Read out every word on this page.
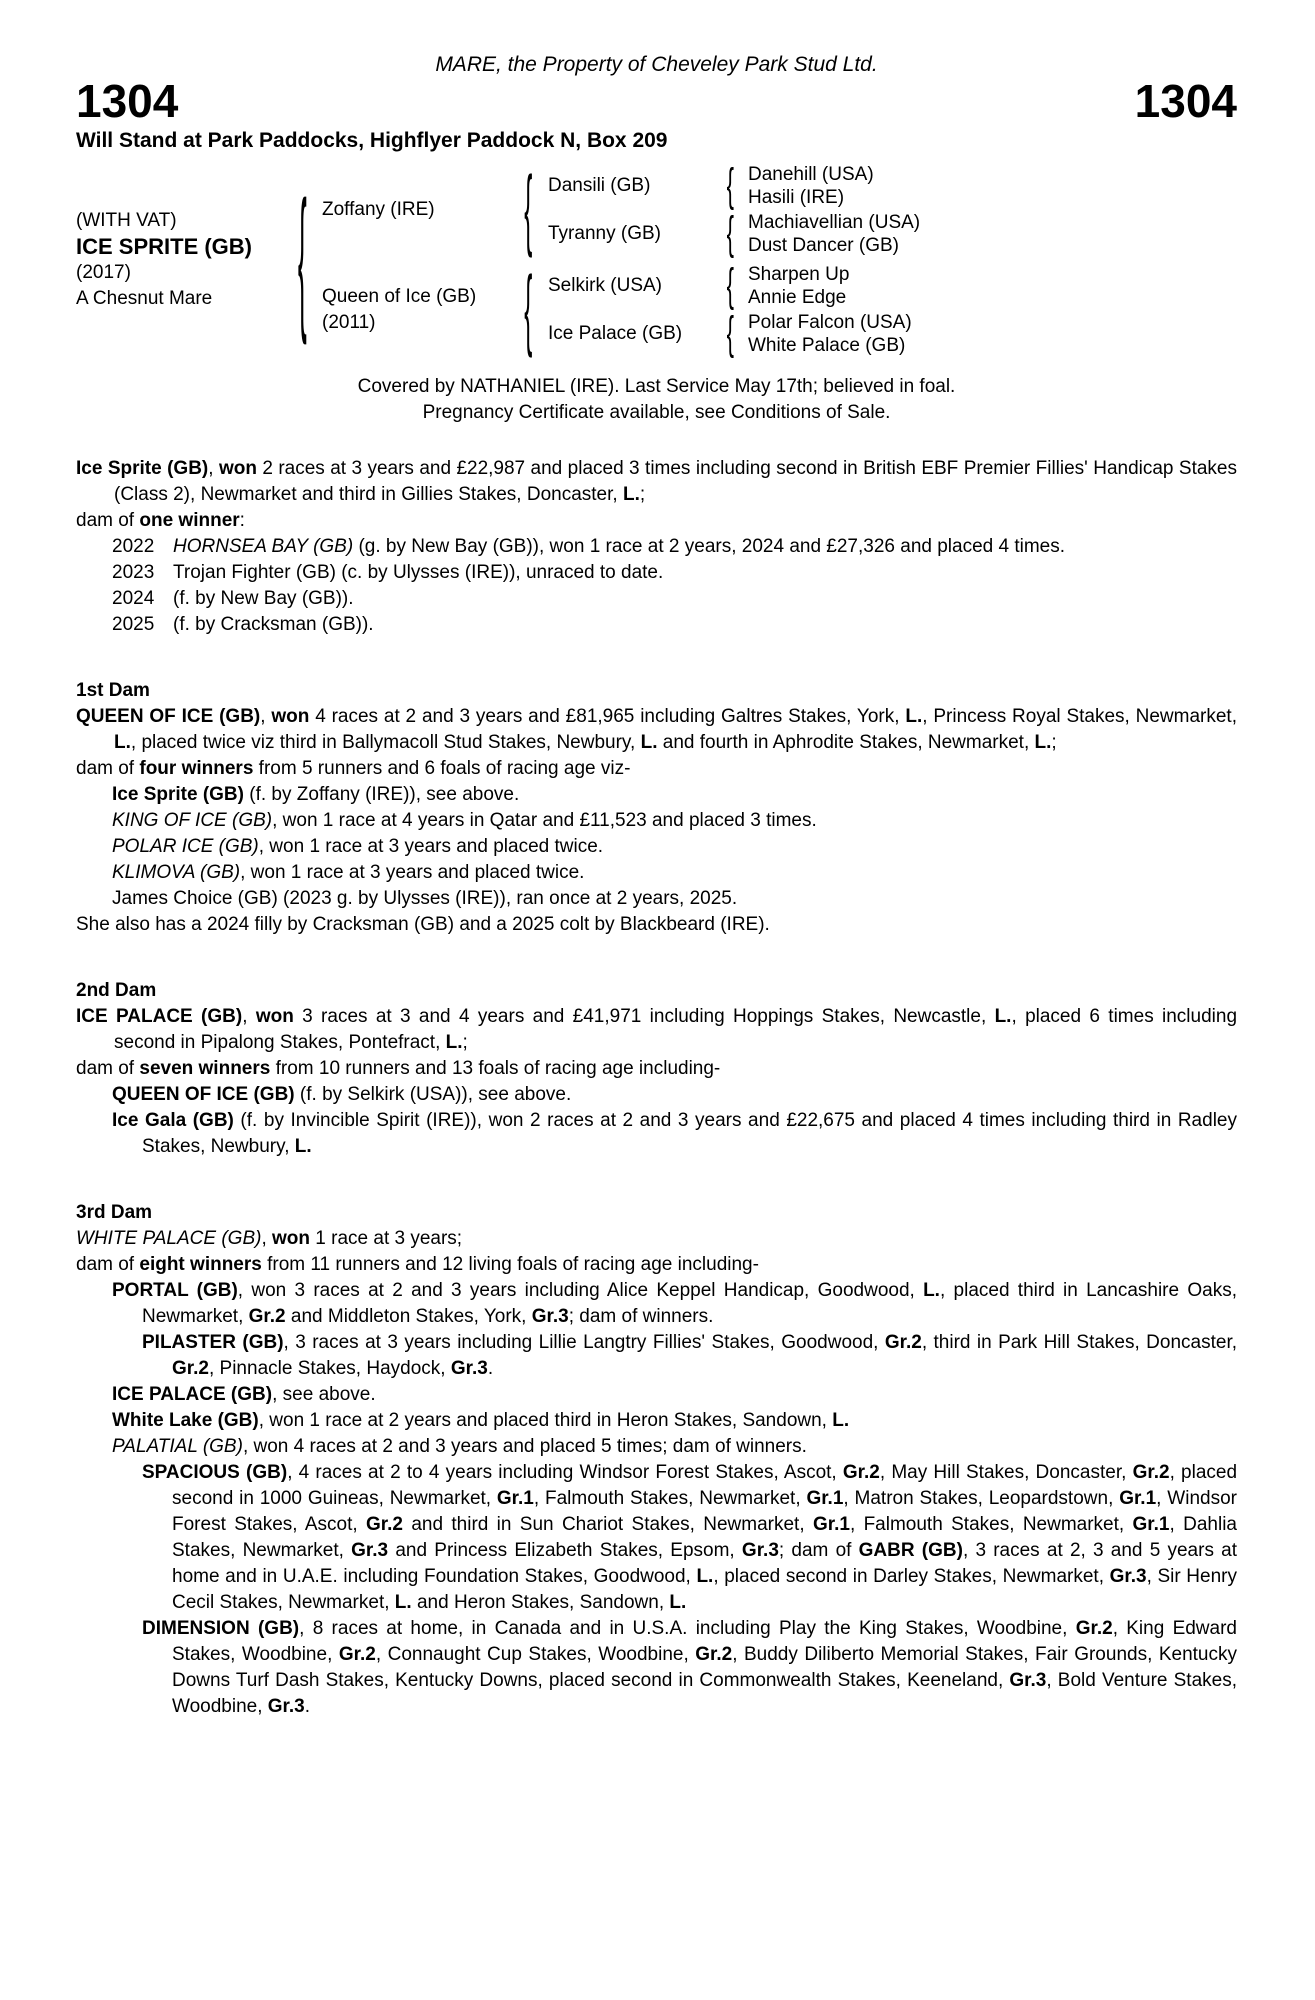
MARE, the Property of Cheveley Park Stud Ltd.
1304	1304
Will Stand at Park Paddocks, Highflyer Paddock N, Box 209
(WITH VAT)
ICE SPRITE (GB)
(2017)
A Chesnut Mare	{ Zoffany (IRE)	{ Dansili (GB)	{ Danehill (USA)
Hasili (IRE)
Tyranny (GB)	{ Machiavellian (USA)
Dust Dancer (GB)
Queen of Ice (GB)
(2011)	{ Selkirk (USA)	{ Sharpen Up
Annie Edge
Ice Palace (GB)	{ Polar Falcon (USA)
White Palace (GB)
Covered by NATHANIEL (IRE). Last Service May 17th; believed in foal.
Pregnancy Certificate available, see Conditions of Sale.
Ice Sprite (GB), won 2 races at 3 years and £22,987 and placed 3 times including second in British EBF Premier Fillies' Handicap Stakes (Class 2), Newmarket and third in Gillies Stakes, Doncaster, L.;
dam of one winner:
2022 HORNSEA BAY (GB) (g. by New Bay (GB)), won 1 race at 2 years, 2024 and £27,326 and placed 4 times.
2023 Trojan Fighter (GB) (c. by Ulysses (IRE)), unraced to date.
2024 (f. by New Bay (GB)).
2025 (f. by Cracksman (GB)).
1st Dam
QUEEN OF ICE (GB), won 4 races at 2 and 3 years and £81,965 including Galtres Stakes, York, L., Princess Royal Stakes, Newmarket, L., placed twice viz third in Ballymacoll Stud Stakes, Newbury, L. and fourth in Aphrodite Stakes, Newmarket, L.;
dam of four winners from 5 runners and 6 foals of racing age viz-
Ice Sprite (GB) (f. by Zoffany (IRE)), see above.
KING OF ICE (GB), won 1 race at 4 years in Qatar and £11,523 and placed 3 times.
POLAR ICE (GB), won 1 race at 3 years and placed twice.
KLIMOVA (GB), won 1 race at 3 years and placed twice.
James Choice (GB) (2023 g. by Ulysses (IRE)), ran once at 2 years, 2025.
She also has a 2024 filly by Cracksman (GB) and a 2025 colt by Blackbeard (IRE).
2nd Dam
ICE PALACE (GB), won 3 races at 3 and 4 years and £41,971 including Hoppings Stakes, Newcastle, L., placed 6 times including second in Pipalong Stakes, Pontefract, L.;
dam of seven winners from 10 runners and 13 foals of racing age including-
QUEEN OF ICE (GB) (f. by Selkirk (USA)), see above.
Ice Gala (GB) (f. by Invincible Spirit (IRE)), won 2 races at 2 and 3 years and £22,675 and placed 4 times including third in Radley Stakes, Newbury, L.
3rd Dam
WHITE PALACE (GB), won 1 race at 3 years;
dam of eight winners from 11 runners and 12 living foals of racing age including-
PORTAL (GB), won 3 races at 2 and 3 years including Alice Keppel Handicap, Goodwood, L., placed third in Lancashire Oaks, Newmarket, Gr.2 and Middleton Stakes, York, Gr.3; dam of winners.
PILASTER (GB), 3 races at 3 years including Lillie Langtry Fillies' Stakes, Goodwood, Gr.2, third in Park Hill Stakes, Doncaster, Gr.2, Pinnacle Stakes, Haydock, Gr.3.
ICE PALACE (GB), see above.
White Lake (GB), won 1 race at 2 years and placed third in Heron Stakes, Sandown, L.
PALATIAL (GB), won 4 races at 2 and 3 years and placed 5 times; dam of winners.
SPACIOUS (GB), 4 races at 2 to 4 years including Windsor Forest Stakes, Ascot, Gr.2, May Hill Stakes, Doncaster, Gr.2, placed second in 1000 Guineas, Newmarket, Gr.1, Falmouth Stakes, Newmarket, Gr.1, Matron Stakes, Leopardstown, Gr.1, Windsor Forest Stakes, Ascot, Gr.2 and third in Sun Chariot Stakes, Newmarket, Gr.1, Falmouth Stakes, Newmarket, Gr.1, Dahlia Stakes, Newmarket, Gr.3 and Princess Elizabeth Stakes, Epsom, Gr.3; dam of GABR (GB), 3 races at 2, 3 and 5 years at home and in U.A.E. including Foundation Stakes, Goodwood, L., placed second in Darley Stakes, Newmarket, Gr.3, Sir Henry Cecil Stakes, Newmarket, L. and Heron Stakes, Sandown, L.
DIMENSION (GB), 8 races at home, in Canada and in U.S.A. including Play the King Stakes, Woodbine, Gr.2, King Edward Stakes, Woodbine, Gr.2, Connaught Cup Stakes, Woodbine, Gr.2, Buddy Diliberto Memorial Stakes, Fair Grounds, Kentucky Downs Turf Dash Stakes, Kentucky Downs, placed second in Commonwealth Stakes, Keeneland, Gr.3, Bold Venture Stakes, Woodbine, Gr.3.
